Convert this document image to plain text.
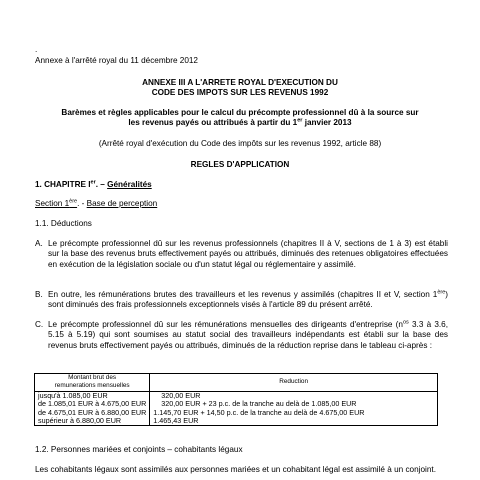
.
Annexe à l'arrêté royal du 11 décembre 2012
ANNEXE III A L'ARRETE ROYAL D'EXECUTION DU
CODE DES IMPOTS SUR LES REVENUS 1992
Barèmes et règles applicables pour le calcul du précompte professionnel dû à la source sur
les revenus payés ou attribués à partir du 1er janvier 2013
(Arrêté royal d'exécution du Code des impôts sur les revenus 1992, article 88)
REGLES D'APPLICATION
1. CHAPITRE Ier. – Généralités
Section 1ère. - Base de perception
1.1. Déductions
A. Le précompte professionnel dû sur les revenus professionnels (chapitres II à V, sections de 1 à 3) est établi sur la base des revenus bruts effectivement payés ou attribués, diminués des retenues obligatoires effectuées en exécution de la législation sociale ou d'un statut légal ou réglementaire y assimilé.
B. En outre, les rémunérations brutes des travailleurs et les revenus y assimilés (chapitres II et V, section 1ère) sont diminués des frais professionnels exceptionnels visés à l'article 89 du présent arrêté.
C. Le précompte professionnel dû sur les rémunérations mensuelles des dirigeants d'entreprise ($n^{os}$ 3.3 à 3.6, 5.15 à 5.19) qui sont soumises au statut social des travailleurs indépendants est établi sur la base des revenus bruts effectivement payés ou attribués, diminués de la réduction reprise dans le tableau ci-après :
Montant brut des
remunerations mensuelles	Reduction
jusqu'à 1.085,00 EUR	320,00 EUR
de 1.085,01 EUR à 4.675,00 EUR	320,00 EUR + 23 p.c. de la tranche au delà de 1.085,00 EUR
de 4.675,01 EUR à 6.880,00 EUR	1.145,70 EUR + 14,50 p.c. de la tranche au delà de 4.675,00 EUR
supérieur à 6.880,00 EUR	1.465,43 EUR
1.2. Personnes mariées et conjoints – cohabitants légaux
Les cohabitants légaux sont assimilés aux personnes mariées et un cohabitant légal est assimilé à un conjoint.
